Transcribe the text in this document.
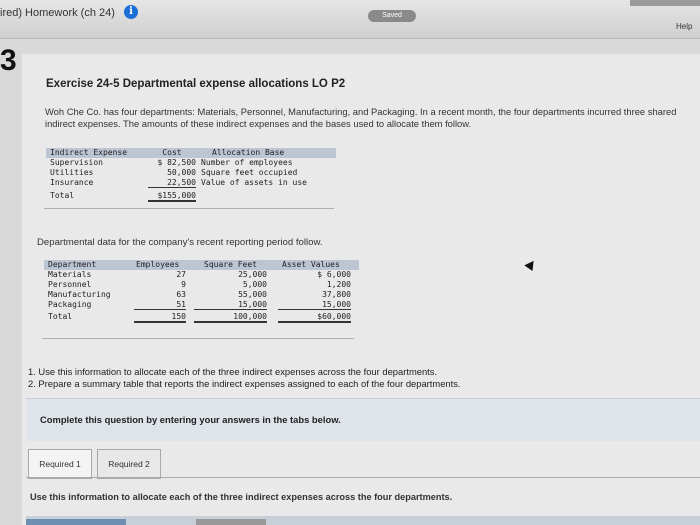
ired) Homework (ch 24)	i	Saved
Help
3
Exercise 24-5 Departmental expense allocations LO P2
Woh Che Co. has four departments: Materials, Personnel, Manufacturing, and Packaging. In a recent month, the four departments incurred three shared indirect expenses. The amounts of these indirect expenses and the bases used to allocate them follow.
Indirect Expense	Cost	Allocation Base
Supervision	$ 82,500 Number of employees
Utilities	50,000 Square feet occupied
Insurance	22,500 Value of assets in use
Total	$155,000
Departmental data for the company's recent reporting period follow.
Department	Employees	Square Feet	Asset Values
Materials	27	25,000	$ 6,000
Personnel	9	5,000	1,200
Manufacturing	63	55,000	37,800
Packaging	51	15,000	15,000
Total	150	100,000	$60,000
1. Use this information to allocate each of the three indirect expenses across the four departments.
2. Prepare a summary table that reports the indirect expenses assigned to each of the four departments.
Complete this question by entering your answers in the tabs below.
Required 1	Required 2
Use this information to allocate each of the three indirect expenses across the four departments.
